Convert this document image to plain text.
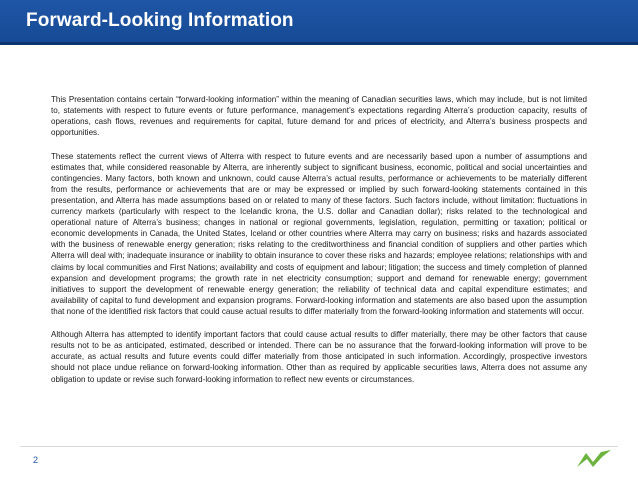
Forward-Looking Information

This Presentation contains certain “forward-looking information” within the meaning of Canadian securities laws, which may include, but is not limited to, statements with respect to future events or future performance, management’s expectations regarding Alterra’s production capacity, results of operations, cash flows, revenues and requirements for capital, future demand for and prices of electricity, and Alterra’s business prospects and opportunities.

These statements reflect the current views of Alterra with respect to future events and are necessarily based upon a number of assumptions and estimates that, while considered reasonable by Alterra, are inherently subject to significant business, economic, political and social uncertainties and contingencies. Many factors, both known and unknown, could cause Alterra’s actual results, performance or achievements to be materially different from the results, performance or achievements that are or may be expressed or implied by such forward-looking statements contained in this presentation, and Alterra has made assumptions based on or related to many of these factors. Such factors include, without limitation: fluctuations in currency markets (particularly with respect to the Icelandic krona, the U.S. dollar and Canadian dollar); risks related to the technological and operational nature of Alterra’s business; changes in national or regional governments, legislation, regulation, permitting or taxation; political or economic developments in Canada, the United States, Iceland or other countries where Alterra may carry on business; risks and hazards associated with the business of renewable energy generation; risks relating to the creditworthiness and financial condition of suppliers and other parties which Alterra will deal with; inadequate insurance or inability to obtain insurance to cover these risks and hazards; employee relations; relationships with and claims by local communities and First Nations; availability and costs of equipment and labour; litigation; the success and timely completion of planned expansion and development programs; the growth rate in net electricity consumption; support and demand for renewable energy; government initiatives to support the development of renewable energy generation; the reliability of technical data and capital expenditure estimates; and availability of capital to fund development and expansion programs. Forward-looking information and statements are also based upon the assumption that none of the identified risk factors that could cause actual results to differ materially from the forward-looking information and statements will occur.

Although Alterra has attempted to identify important factors that could cause actual results to differ materially, there may be other factors that cause results not to be as anticipated, estimated, described or intended. There can be no assurance that the forward-looking information will prove to be accurate, as actual results and future events could differ materially from those anticipated in such information. Accordingly, prospective investors should not place undue reliance on forward-looking information. Other than as required by applicable securities laws, Alterra does not assume any obligation to update or revise such forward-looking information to reflect new events or circumstances.

2
